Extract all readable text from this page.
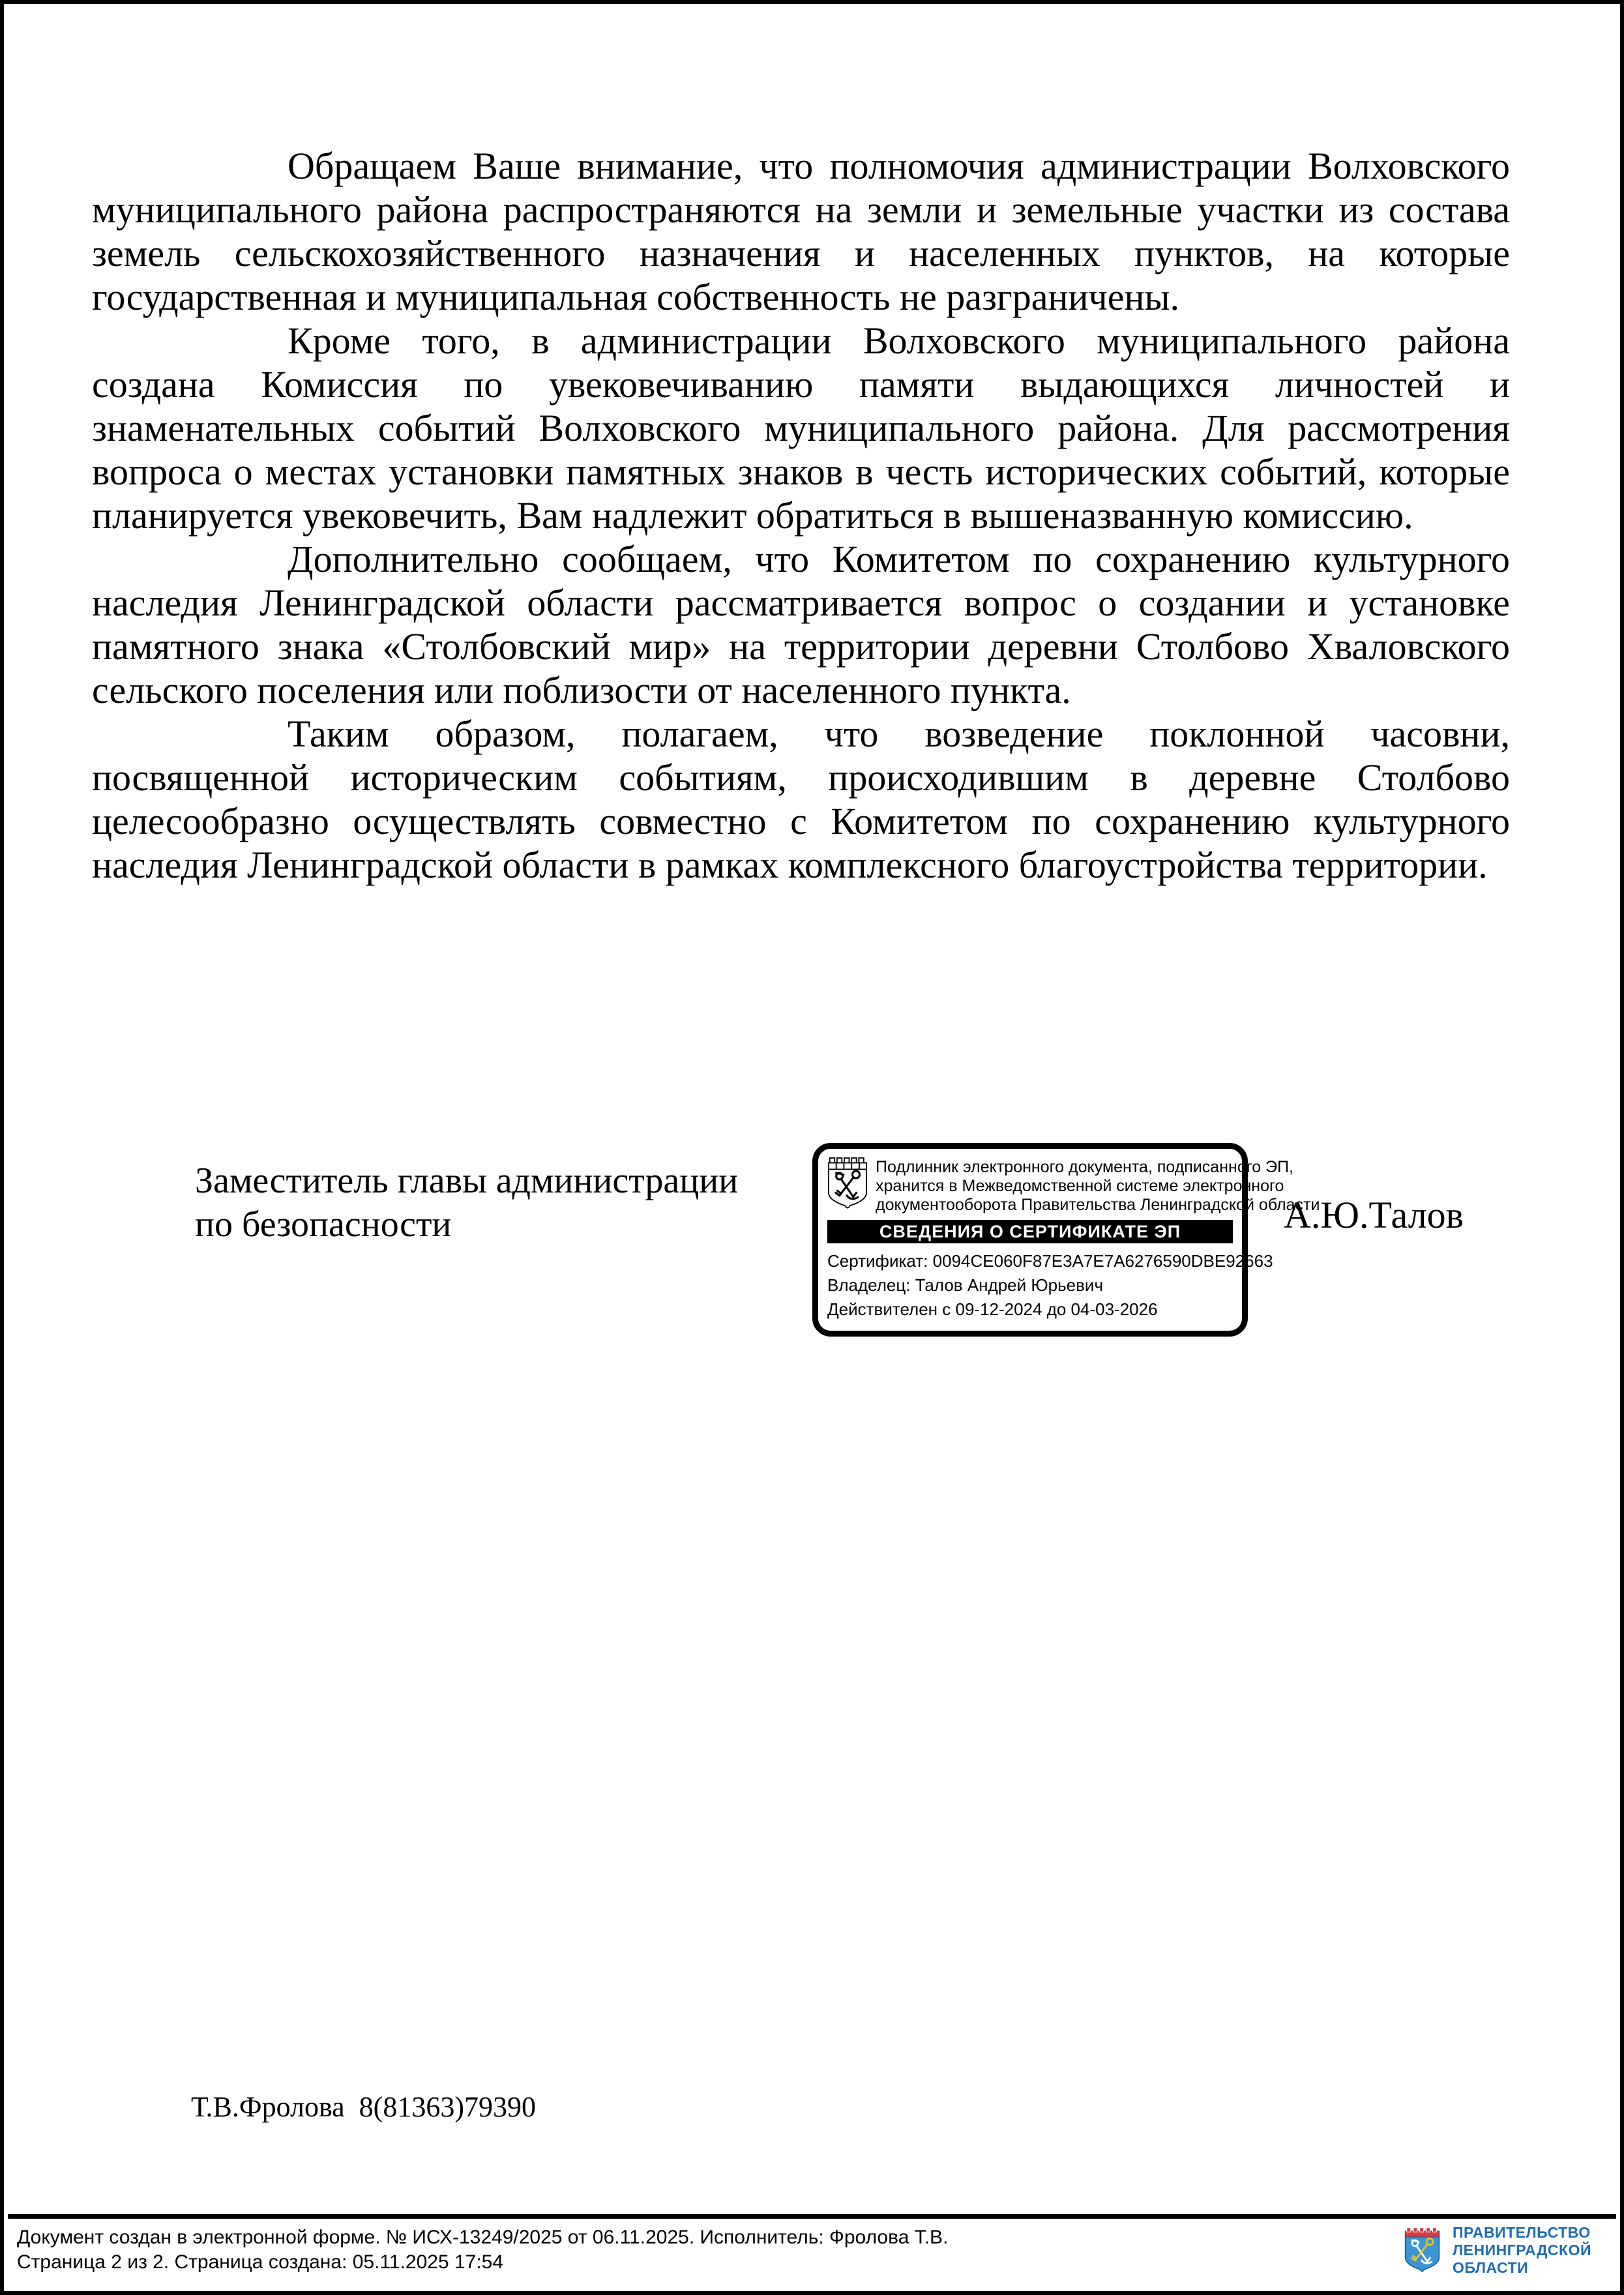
Обращаем Ваше внимание, что полномочия администрации Волховского муниципального района распространяются на земли и земельные участки из состава земель сельскохозяйственного назначения и населенных пунктов, на которые государственная и муниципальная собственность не разграничены.

Кроме того, в администрации Волховского муниципального района создана Комиссия по увековечиванию памяти выдающихся личностей и знаменательных событий Волховского муниципального района. Для рассмотрения вопроса о местах установки памятных знаков в честь исторических событий, которые планируется увековечить, Вам надлежит обратиться в вышеназванную комиссию.

Дополнительно сообщаем, что Комитетом по сохранению культурного наследия Ленинградской области рассматривается вопрос о создании и установке памятного знака «Столбовский мир» на территории деревни Столбово Хваловского сельского поселения или поблизости от населенного пункта.

Таким образом, полагаем, что возведение поклонной часовни, посвященной историческим событиям, происходившим в деревне Столбово целесообразно осуществлять совместно с Комитетом по сохранению культурного наследия Ленинградской области в рамках комплексного благоустройства территории.

Заместитель главы администрации
по безопасности
Подлинник электронного документа, подписанного ЭП,
хранится в Межведомственной системе электронного
документооборота Правительства Ленинградской области
СВЕДЕНИЯ О СЕРТИФИКАТЕ ЭП
Сертификат: 0094CE060F87E3A7E7A6276590DBE92663
Владелец: Талов Андрей Юрьевич
Действителен с 09-12-2024 до 04-03-2026
А.Ю.Талов
Т.В.Фролова  8(81363)79390
Документ создан в электронной форме. № ИСХ-13249/2025 от 06.11.2025. Исполнитель: Фролова Т.В.
Страница 2 из 2. Страница создана: 05.11.2025 17:54
ПРАВИТЕЛЬСТВО
ЛЕНИНГРАДСКОЙ
ОБЛАСТИ
